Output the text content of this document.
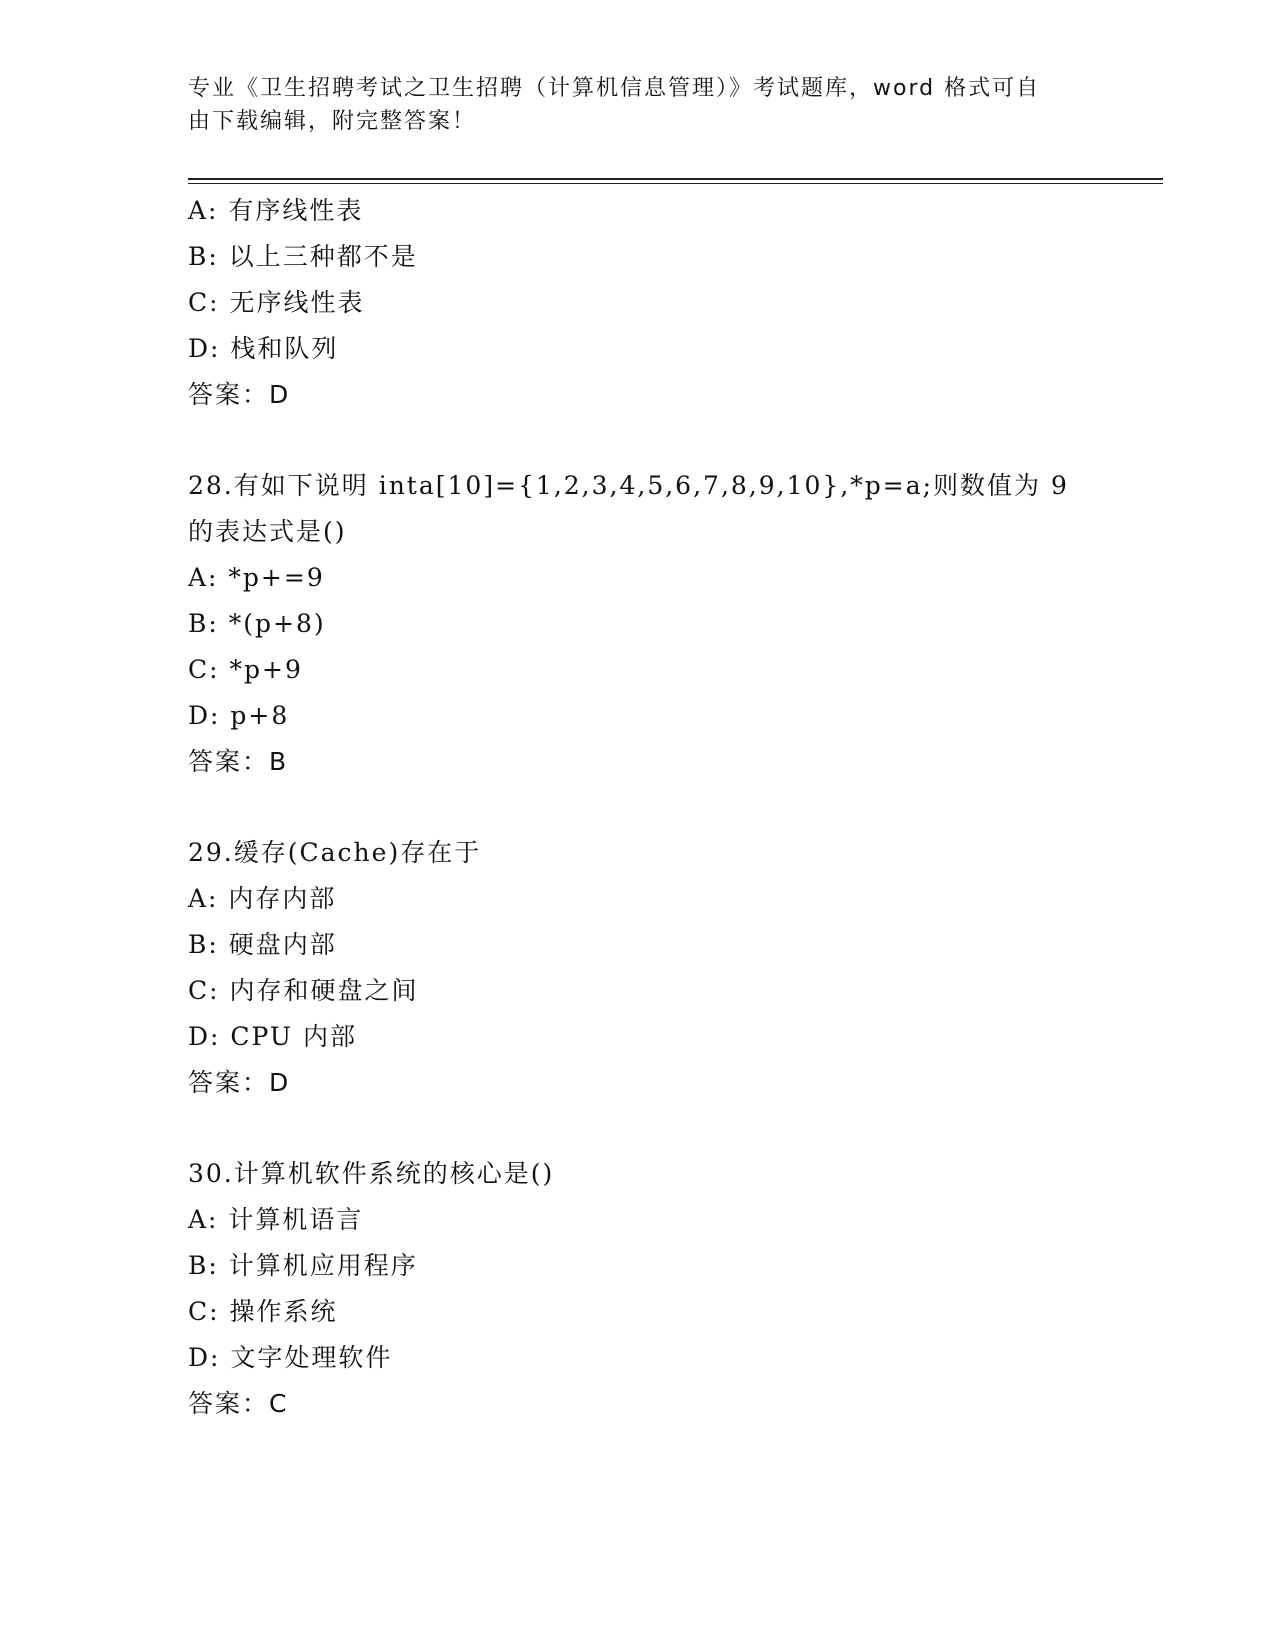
专业《卫生招聘考试之卫生招聘（计算机信息管理）》考试题库，word 格式可自
由下载编辑，附完整答案！
A: 有序线性表
B: 以上三种都不是
C: 无序线性表
D: 栈和队列
答案：D
28.有如下说明 inta[10]={1,2,3,4,5,6,7,8,9,10},*p=a;则数值为 9
的表达式是()
A: *p+=9
B: *(p+8)
C: *p+9
D: p+8
答案：B
29.缓存(Cache)存在于
A: 内存内部
B: 硬盘内部
C: 内存和硬盘之间
D: CPU 内部
答案：D
30.计算机软件系统的核心是()
A: 计算机语言
B: 计算机应用程序
C: 操作系统
D: 文字处理软件
答案：C
